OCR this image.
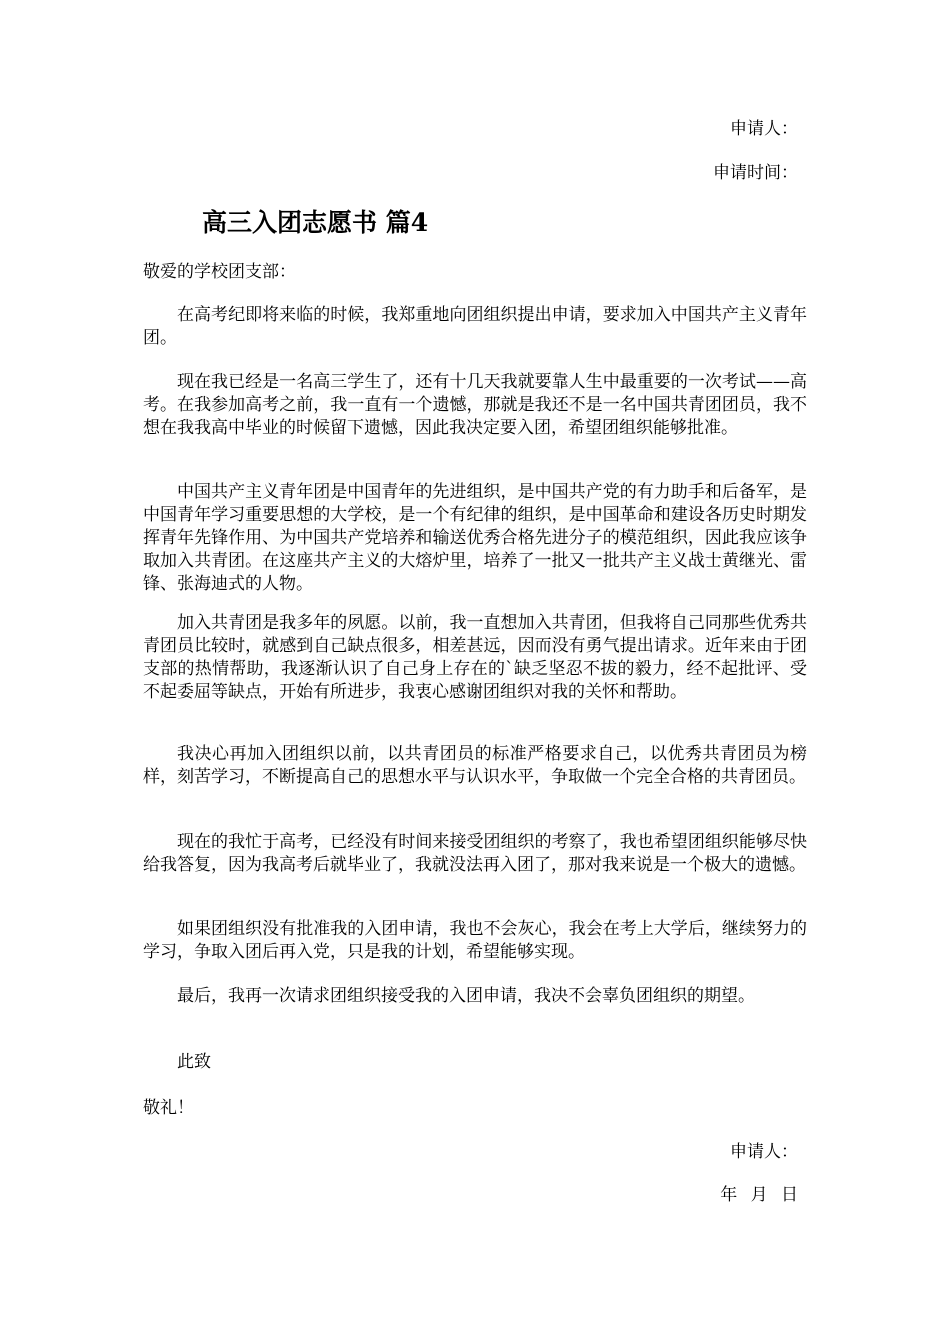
申请人：
申请时间：
高三入团志愿书 篇4

敬爱的学校团支部：

在高考纪即将来临的时候，我郑重地向团组织提出申请，要求加入中国共产主义青年团。

现在我已经是一名高三学生了，还有十几天我就要靠人生中最重要的一次考试——高考。在我参加高考之前，我一直有一个遗憾，那就是我还不是一名中国共青团团员，我不想在我我高中毕业的时候留下遗憾，因此我决定要入团，希望团组织能够批准。

中国共产主义青年团是中国青年的先进组织，是中国共产党的有力助手和后备军，是中国青年学习重要思想的大学校，是一个有纪律的组织，是中国革命和建设各历史时期发挥青年先锋作用、为中国共产党培养和输送优秀合格先进分子的模范组织，因此我应该争取加入共青团。在这座共产主义的大熔炉里，培养了一批又一批共产主义战士黄继光、雷锋、张海迪式的人物。

加入共青团是我多年的夙愿。以前，我一直想加入共青团，但我将自己同那些优秀共青团员比较时，就感到自己缺点很多，相差甚远，因而没有勇气提出请求。近年来由于团支部的热情帮助，我逐渐认识了自己身上存在的`缺乏坚忍不拔的毅力，经不起批评、受不起委屈等缺点，开始有所进步，我衷心感谢团组织对我的关怀和帮助。

我决心再加入团组织以前，以共青团员的标准严格要求自己，以优秀共青团员为榜样，刻苦学习，不断提高自己的思想水平与认识水平，争取做一个完全合格的共青团员。

现在的我忙于高考，已经没有时间来接受团组织的考察了，我也希望团组织能够尽快给我答复，因为我高考后就毕业了，我就没法再入团了，那对我来说是一个极大的遗憾。

如果团组织没有批准我的入团申请，我也不会灰心，我会在考上大学后，继续努力的学习，争取入团后再入党，只是我的计划，希望能够实现。

最后，我再一次请求团组织接受我的入团申请，我决不会辜负团组织的期望。

此致

敬礼！

申请人：
年 月 日
